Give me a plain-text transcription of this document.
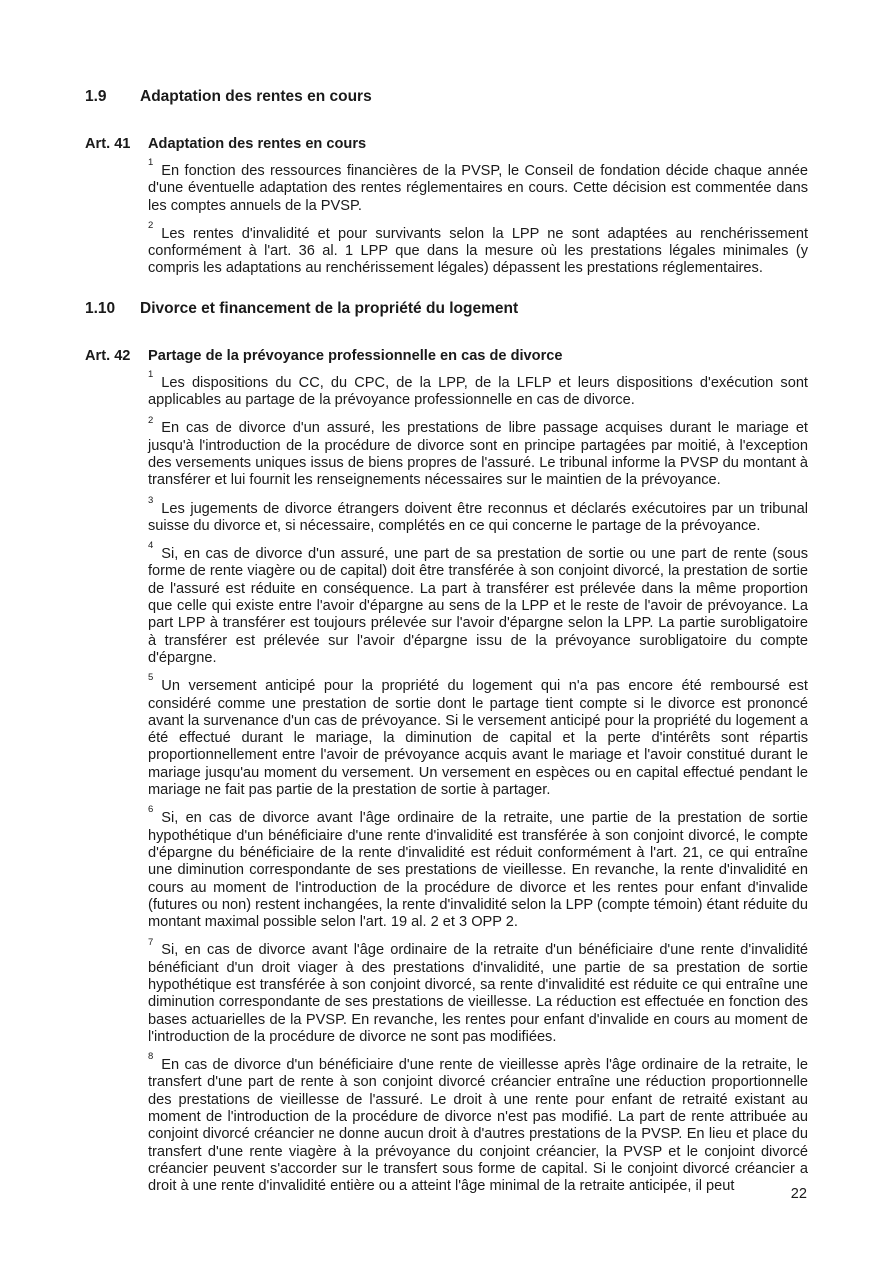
1.9	Adaptation des rentes en cours
Art. 41	Adaptation des rentes en cours

$^1$En fonction des ressources financières de la PVSP, le Conseil de fondation décide chaque année d'une éventuelle adaptation des rentes réglementaires en cours. Cette décision est commentée dans les comptes annuels de la PVSP.

$^2$Les rentes d'invalidité et pour survivants selon la LPP ne sont adaptées au renchérissement conformément à l'art. 36 al. 1 LPP que dans la mesure où les prestations légales minimales (y compris les adaptations au renchérissement légales) dépassent les prestations réglementaires.

1.10	Divorce et financement de la propriété du logement
Art. 42	Partage de la prévoyance professionnelle en cas de divorce

$^1$Les dispositions du CC, du CPC, de la LPP, de la LFLP et leurs dispositions d'exécution sont applicables au partage de la prévoyance professionnelle en cas de divorce.

$^2$En cas de divorce d'un assuré, les prestations de libre passage acquises durant le mariage et jusqu'à l'introduction de la procédure de divorce sont en principe partagées par moitié, à l'exception des versements uniques issus de biens propres de l'assuré. Le tribunal informe la PVSP du montant à transférer et lui fournit les renseignements nécessaires sur le maintien de la prévoyance.

$^3$Les jugements de divorce étrangers doivent être reconnus et déclarés exécutoires par un tribunal suisse du divorce et, si nécessaire, complétés en ce qui concerne le partage de la prévoyance.

$^4$Si, en cas de divorce d'un assuré, une part de sa prestation de sortie ou une part de rente (sous forme de rente viagère ou de capital) doit être transférée à son conjoint divorcé, la prestation de sortie de l'assuré est réduite en conséquence. La part à transférer est prélevée dans la même proportion que celle qui existe entre l'avoir d'épargne au sens de la LPP et le reste de l'avoir de prévoyance. La part LPP à transférer est toujours prélevée sur l'avoir d'épargne selon la LPP. La partie surobligatoire à transférer est prélevée sur l'avoir d'épargne issu de la prévoyance surobligatoire du compte d'épargne.

$^5$Un versement anticipé pour la propriété du logement qui n'a pas encore été remboursé est considéré comme une prestation de sortie dont le partage tient compte si le divorce est prononcé avant la survenance d'un cas de prévoyance. Si le versement anticipé pour la propriété du logement a été effectué durant le mariage, la diminution de capital et la perte d'intérêts sont répartis proportionnellement entre l'avoir de prévoyance acquis avant le mariage et l'avoir constitué durant le mariage jusqu'au moment du versement. Un versement en espèces ou en capital effectué pendant le mariage ne fait pas partie de la prestation de sortie à partager.

$^6$Si, en cas de divorce avant l'âge ordinaire de la retraite, une partie de la prestation de sortie hypothétique d'un bénéficiaire d'une rente d'invalidité est transférée à son conjoint divorcé, le compte d'épargne du bénéficiaire de la rente d'invalidité est réduit conformément à l'art. 21, ce qui entraîne une diminution correspondante de ses prestations de vieillesse. En revanche, la rente d'invalidité en cours au moment de l'introduction de la procédure de divorce et les rentes pour enfant d'invalide (futures ou non) restent inchangées, la rente d'invalidité selon la LPP (compte témoin) étant réduite du montant maximal possible selon l'art. 19 al. 2 et 3 OPP 2.

$^7$Si, en cas de divorce avant l'âge ordinaire de la retraite d'un bénéficiaire d'une rente d'invalidité bénéficiant d'un droit viager à des prestations d'invalidité, une partie de sa prestation de sortie hypothétique est transférée à son conjoint divorcé, sa rente d'invalidité est réduite ce qui entraîne une diminution correspondante de ses prestations de vieillesse. La réduction est effectuée en fonction des bases actuarielles de la PVSP. En revanche, les rentes pour enfant d'invalide en cours au moment de l'introduction de la procédure de divorce ne sont pas modifiées.

$^8$En cas de divorce d'un bénéficiaire d'une rente de vieillesse après l'âge ordinaire de la retraite, le transfert d'une part de rente à son conjoint divorcé créancier entraîne une réduction proportionnelle des prestations de vieillesse de l'assuré. Le droit à une rente pour enfant de retraité existant au moment de l'introduction de la procédure de divorce n'est pas modifié. La part de rente attribuée au conjoint divorcé créancier ne donne aucun droit à d'autres prestations de la PVSP. En lieu et place du transfert d'une rente viagère à la prévoyance du conjoint créancier, la PVSP et le conjoint divorcé créancier peuvent s'accorder sur le transfert sous forme de capital. Si le conjoint divorcé créancier a droit à une rente d'invalidité entière ou a atteint l'âge minimal de la retraite anticipée, il peut	22
